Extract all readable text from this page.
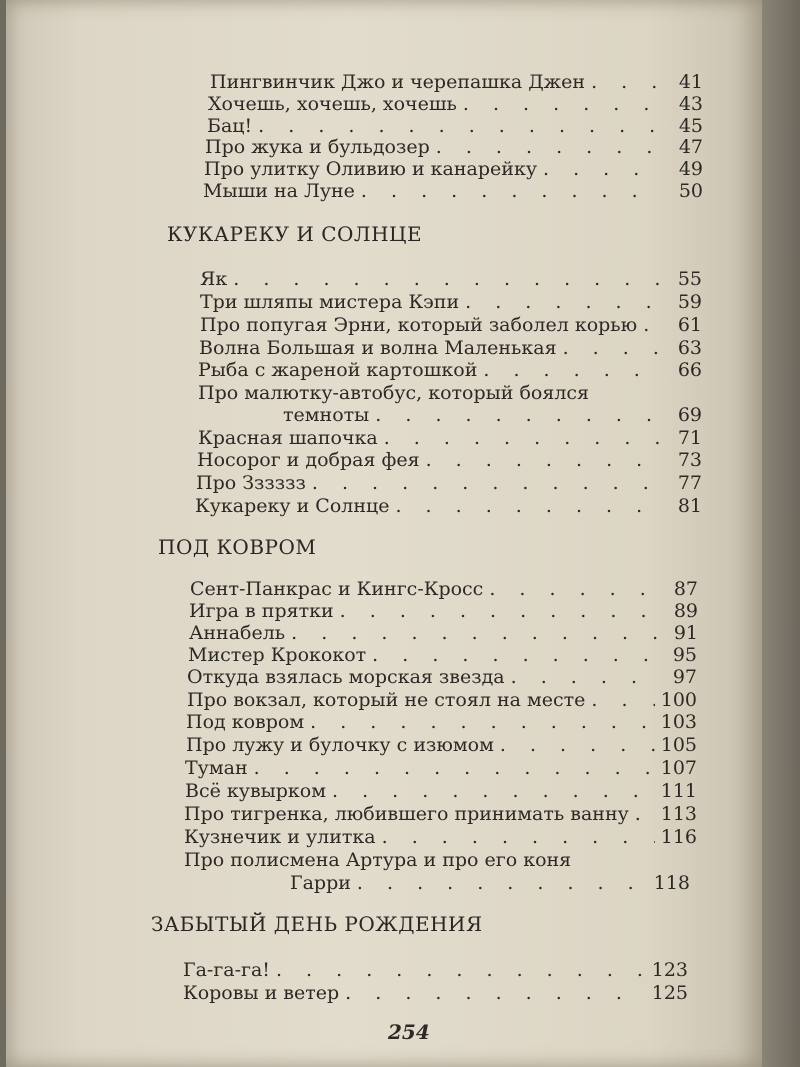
Пингвинчик Джо и черепашка Джен . . .	41
Хочешь, хочешь, хочешь . . .	43
Бац! . . .	45
Про жука и бульдозер . . .	47
Про улитку Оливию и канарейку . . .	49
Мыши на Луне . . .	50
КУКАРЕКУ И СОЛНЦЕ
Як . . .	55
Три шляпы мистера Кэпи . . .	59
Про попугая Эрни, который заболел корью . . .	61
Волна Большая и волна Маленькая . . .	63
Рыба с жареной картошкой . . .	66
Про малютку-автобус, который боялся
темноты . . .	69
Красная шапочка . . .	71
Носорог и добрая фея . . .	73
Про Зззззз . . .	77
Кукареку и Солнце . . .	81
ПОД КОВРОМ
Сент-Панкрас и Кингс-Кросс . . .	87
Игра в прятки . . .	89
Аннабель . . .	91
Мистер Крококот . . .	95
Откуда взялась морская звезда . . .	97
Про вокзал, который не стоял на месте . . .	100
Под ковром . . .	103
Про лужу и булочку с изюмом . . .	105
Туман . . .	107
Всё кувырком . . .	111
Про тигренка, любившего принимать ванну . . . 113
Кузнечик и улитка . . .	116
Про полисмена Артура и про его коня
Гарри . . .	118
ЗАБЫТЫЙ ДЕНЬ РОЖДЕНИЯ
Га-га-га! . . .	123
Коровы и ветер . . .	125
254
